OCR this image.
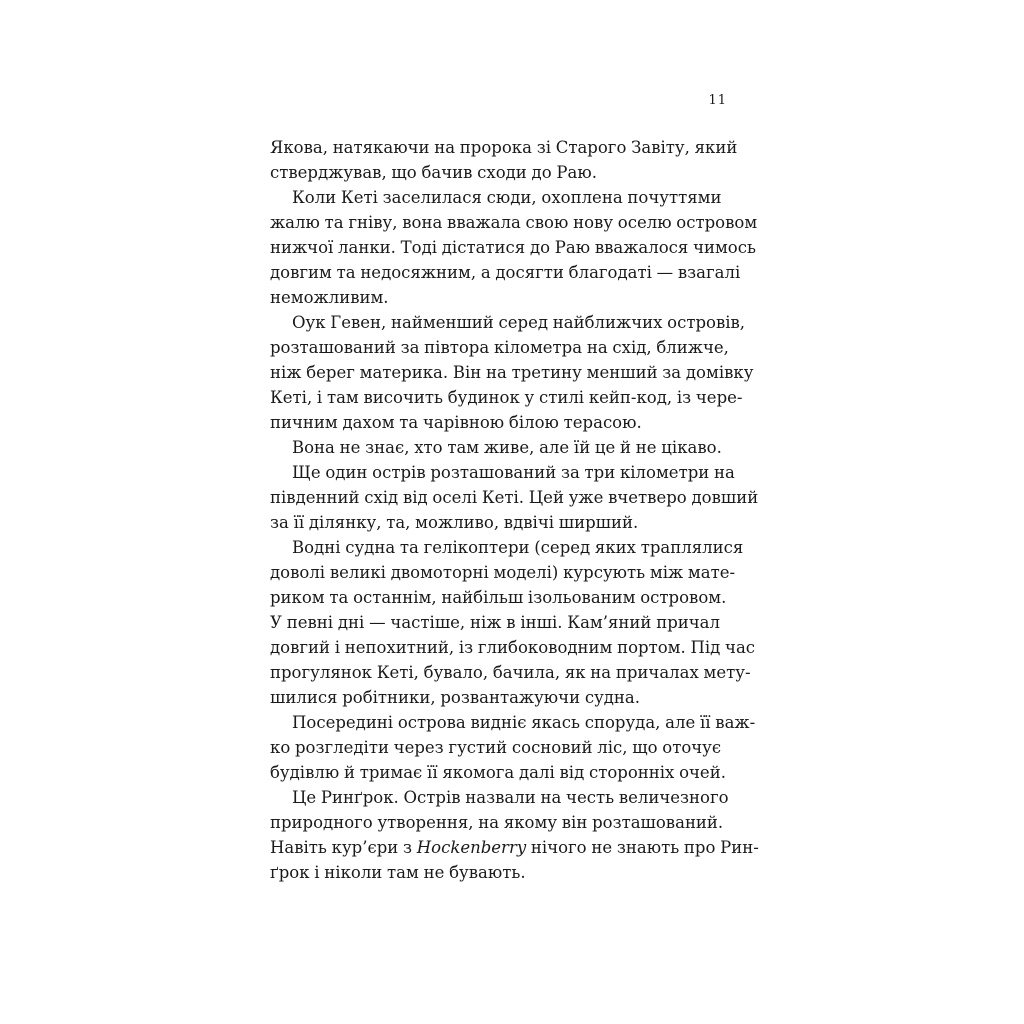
11
Якова, натякаючи на пророка зі Старого Завіту, який
стверджував, що бачив сходи до Раю.
Коли Кеті заселилася сюди, охоплена почуттями
жалю та гніву, вона вважала свою нову оселю островом
нижчої ланки. Тоді дістатися до Раю вважалося чимось
довгим та недосяжним, а досягти благодаті — взагалі
неможливим.
Оук Гевен, найменший серед найближчих островів,
розташований за півтора кілометра на схід, ближче,
ніж берег материка. Він на третину менший за домівку
Кеті, і там височить будинок у стилі кейп-код, із чере-
пичним дахом та чарівною білою терасою.
Вона не знає, хто там живе, але їй це й не цікаво.
Ще один острів розташований за три кілометри на
південний схід від оселі Кеті. Цей уже вчетверо довший
за її ділянку, та, можливо, вдвічі ширший.
Водні судна та гелікоптери (серед яких траплялися
доволі великі двомоторні моделі) курсують між мате-
риком та останнім, найбільш ізольованим островом.
У певні дні — частіше, ніж в інші. Кам’яний причал
довгий і непохитний, із глибоководним портом. Під час
прогулянок Кеті, бувало, бачила, як на причалах мету-
шилися робітники, розвантажуючи судна.
Посередині острова видніє якась споруда, але її важ-
ко розгледіти через густий сосновий ліс, що оточує
будівлю й тримає її якомога далі від сторонніх очей.
Це Ринґрок. Острів назвали на честь величезного
природного утворення, на якому він розташований.
Навіть кур’єри з Hockenberry нічого не знають про Рин-
ґрок і ніколи там не бувають.
